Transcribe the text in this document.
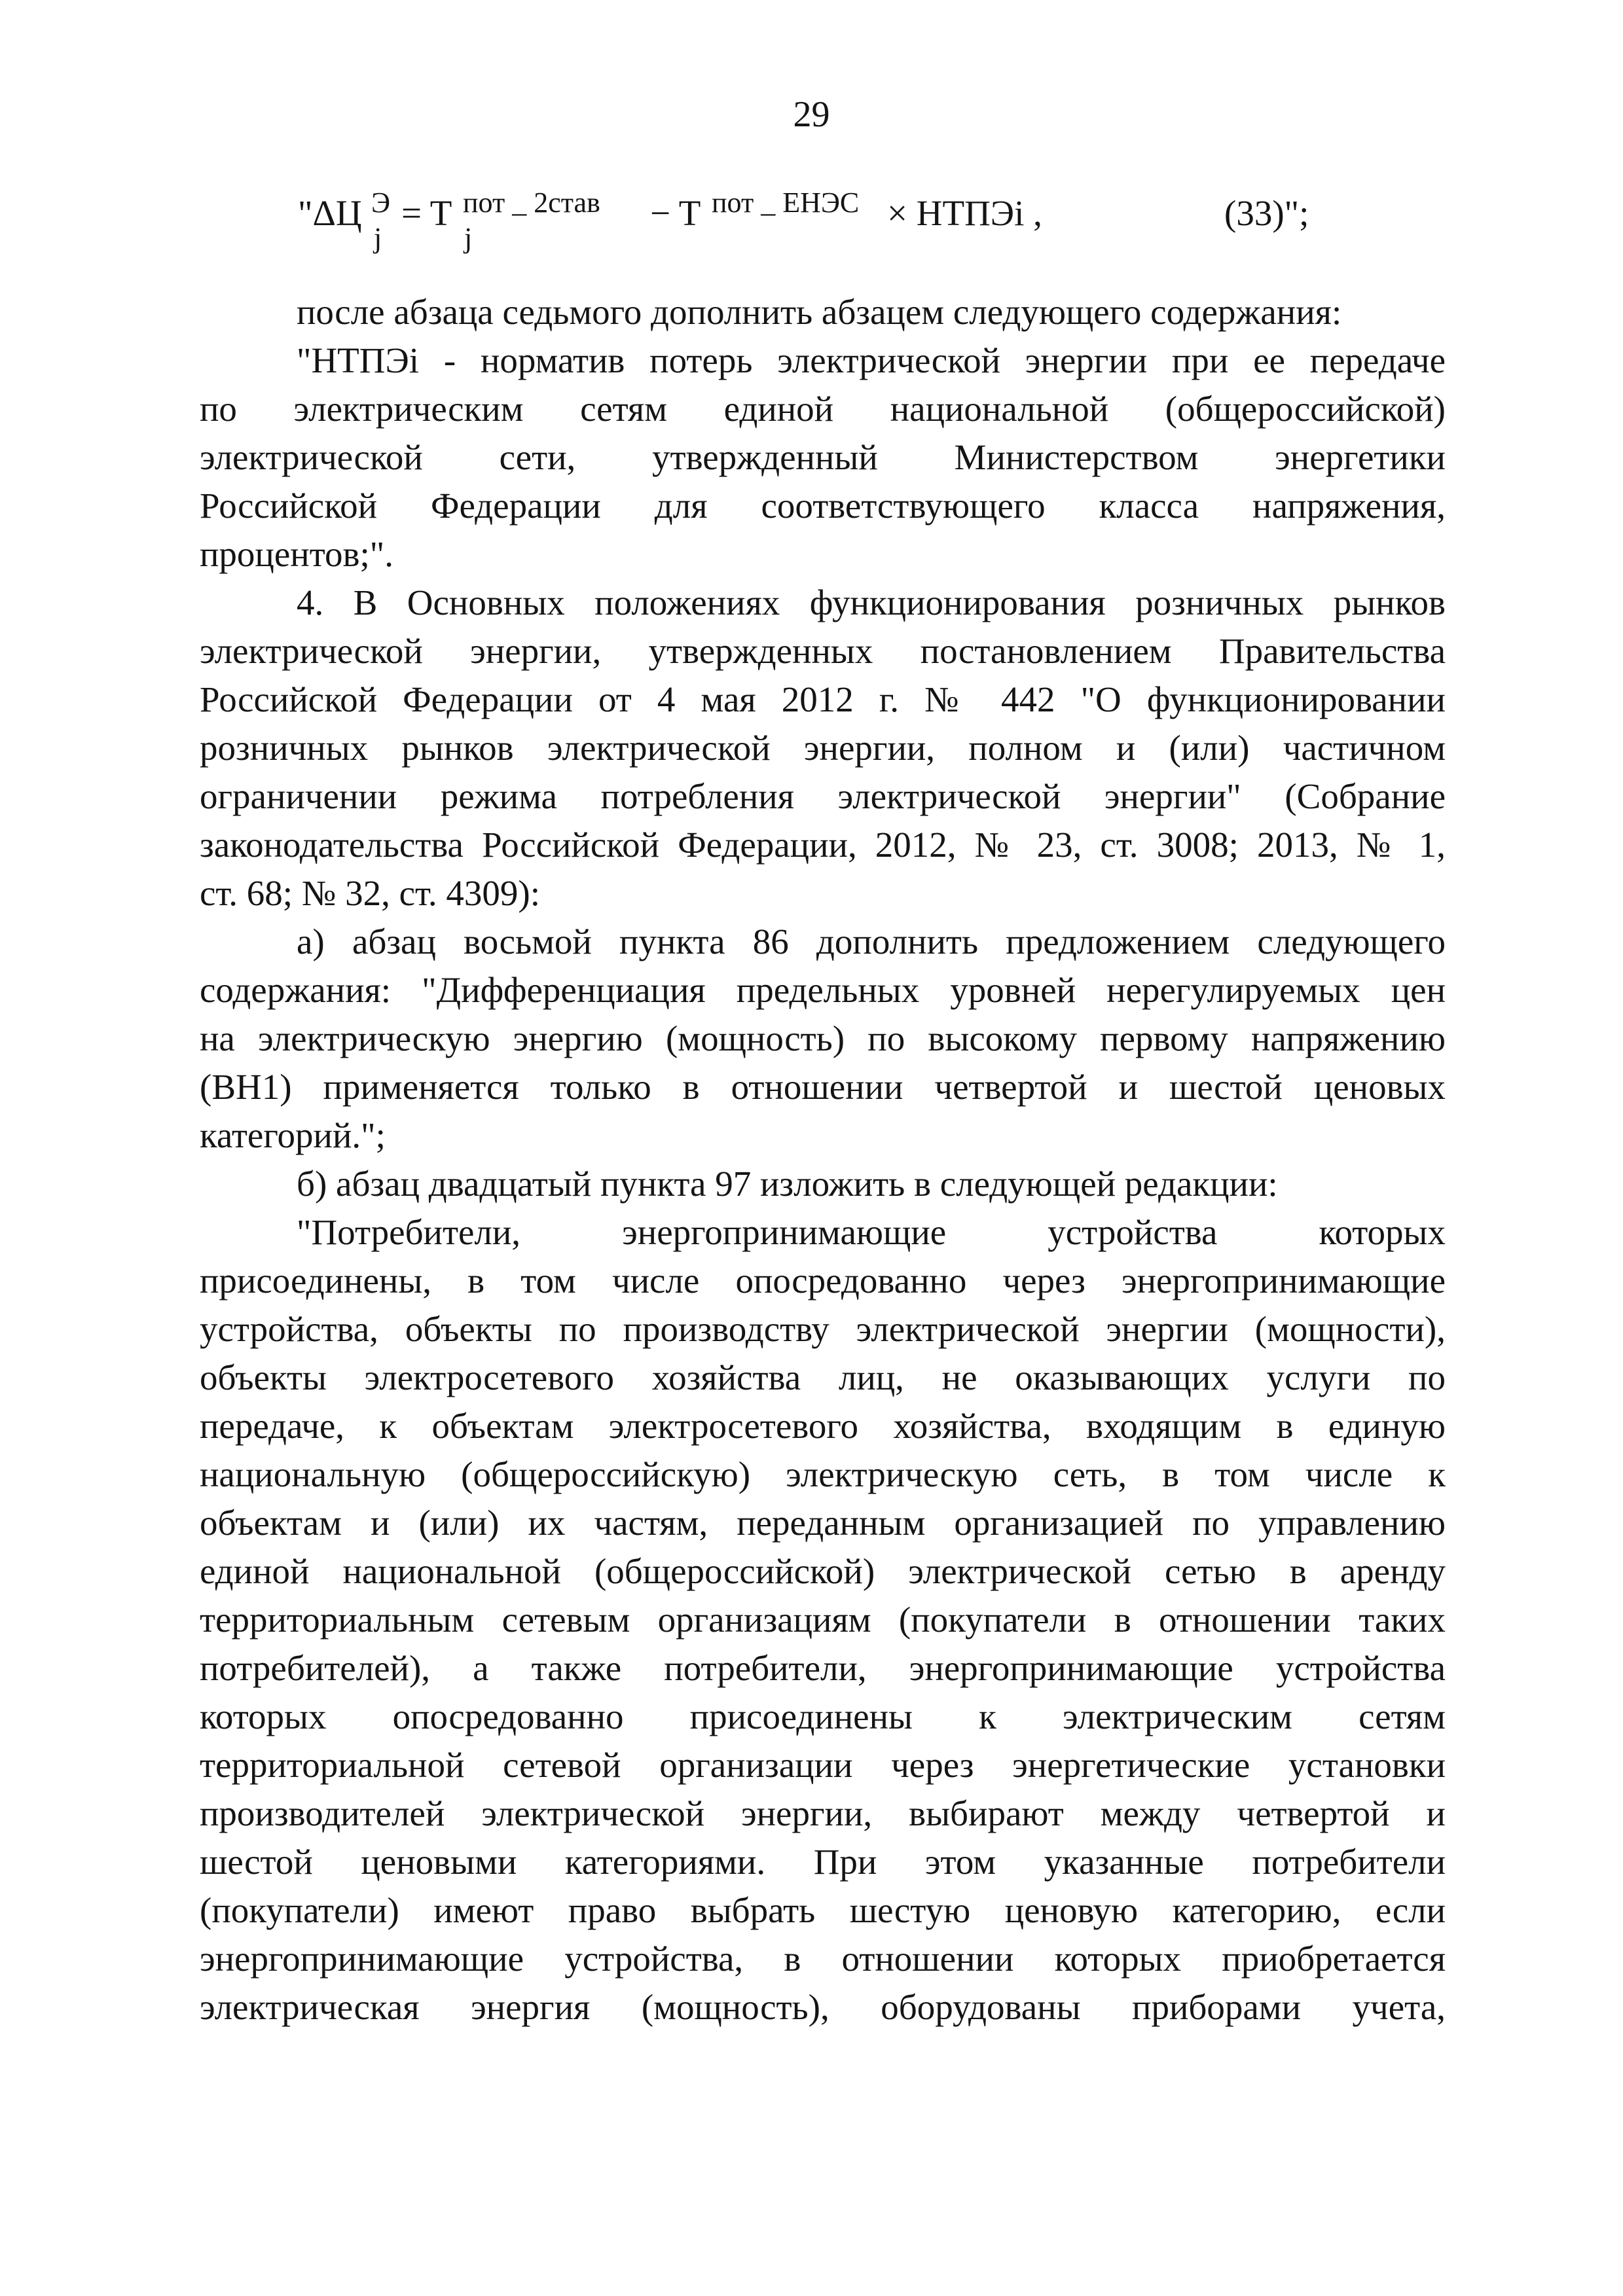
29
"ΔЦ Э
j
= T пот _ 2став
j
− T пот _ ЕНЭС × НТПЭi ,	(33)";
после абзаца седьмого дополнить абзацем следующего содержания:
"НТПЭi - норматив потерь электрической энергии при ее передаче
по электрическим сетям единой национальной (общероссийской)
электрической сети, утвержденный Министерством энергетики
Российской Федерации для соответствующего класса напряжения,
процентов;".
4. В Основных положениях функционирования розничных рынков
электрической энергии, утвержденных постановлением Правительства
Российской Федерации от 4 мая 2012 г. № 442 "О функционировании
розничных рынков электрической энергии, полном и (или) частичном
ограничении режима потребления электрической энергии" (Собрание
законодательства Российской Федерации, 2012, № 23, ст. 3008; 2013, № 1,
ст. 68; № 32, ст. 4309):
а) абзац восьмой пункта 86 дополнить предложением следующего
содержания: "Дифференциация предельных уровней нерегулируемых цен
на электрическую энергию (мощность) по высокому первому напряжению
(ВН1) применяется только в отношении четвертой и шестой ценовых
категорий.";
б) абзац двадцатый пункта 97 изложить в следующей редакции:
"Потребители, энергопринимающие устройства которых
присоединены, в том числе опосредованно через энергопринимающие
устройства, объекты по производству электрической энергии (мощности),
объекты электросетевого хозяйства лиц, не оказывающих услуги по
передаче, к объектам электросетевого хозяйства, входящим в единую
национальную (общероссийскую) электрическую сеть, в том числе к
объектам и (или) их частям, переданным организацией по управлению
единой национальной (общероссийской) электрической сетью в аренду
территориальным сетевым организациям (покупатели в отношении таких
потребителей), а также потребители, энергопринимающие устройства
которых опосредованно присоединены к электрическим сетям
территориальной сетевой организации через энергетические установки
производителей электрической энергии, выбирают между четвертой и
шестой ценовыми категориями. При этом указанные потребители
(покупатели) имеют право выбрать шестую ценовую категорию, если
энергопринимающие устройства, в отношении которых приобретается
электрическая энергия (мощность), оборудованы приборами учета,
